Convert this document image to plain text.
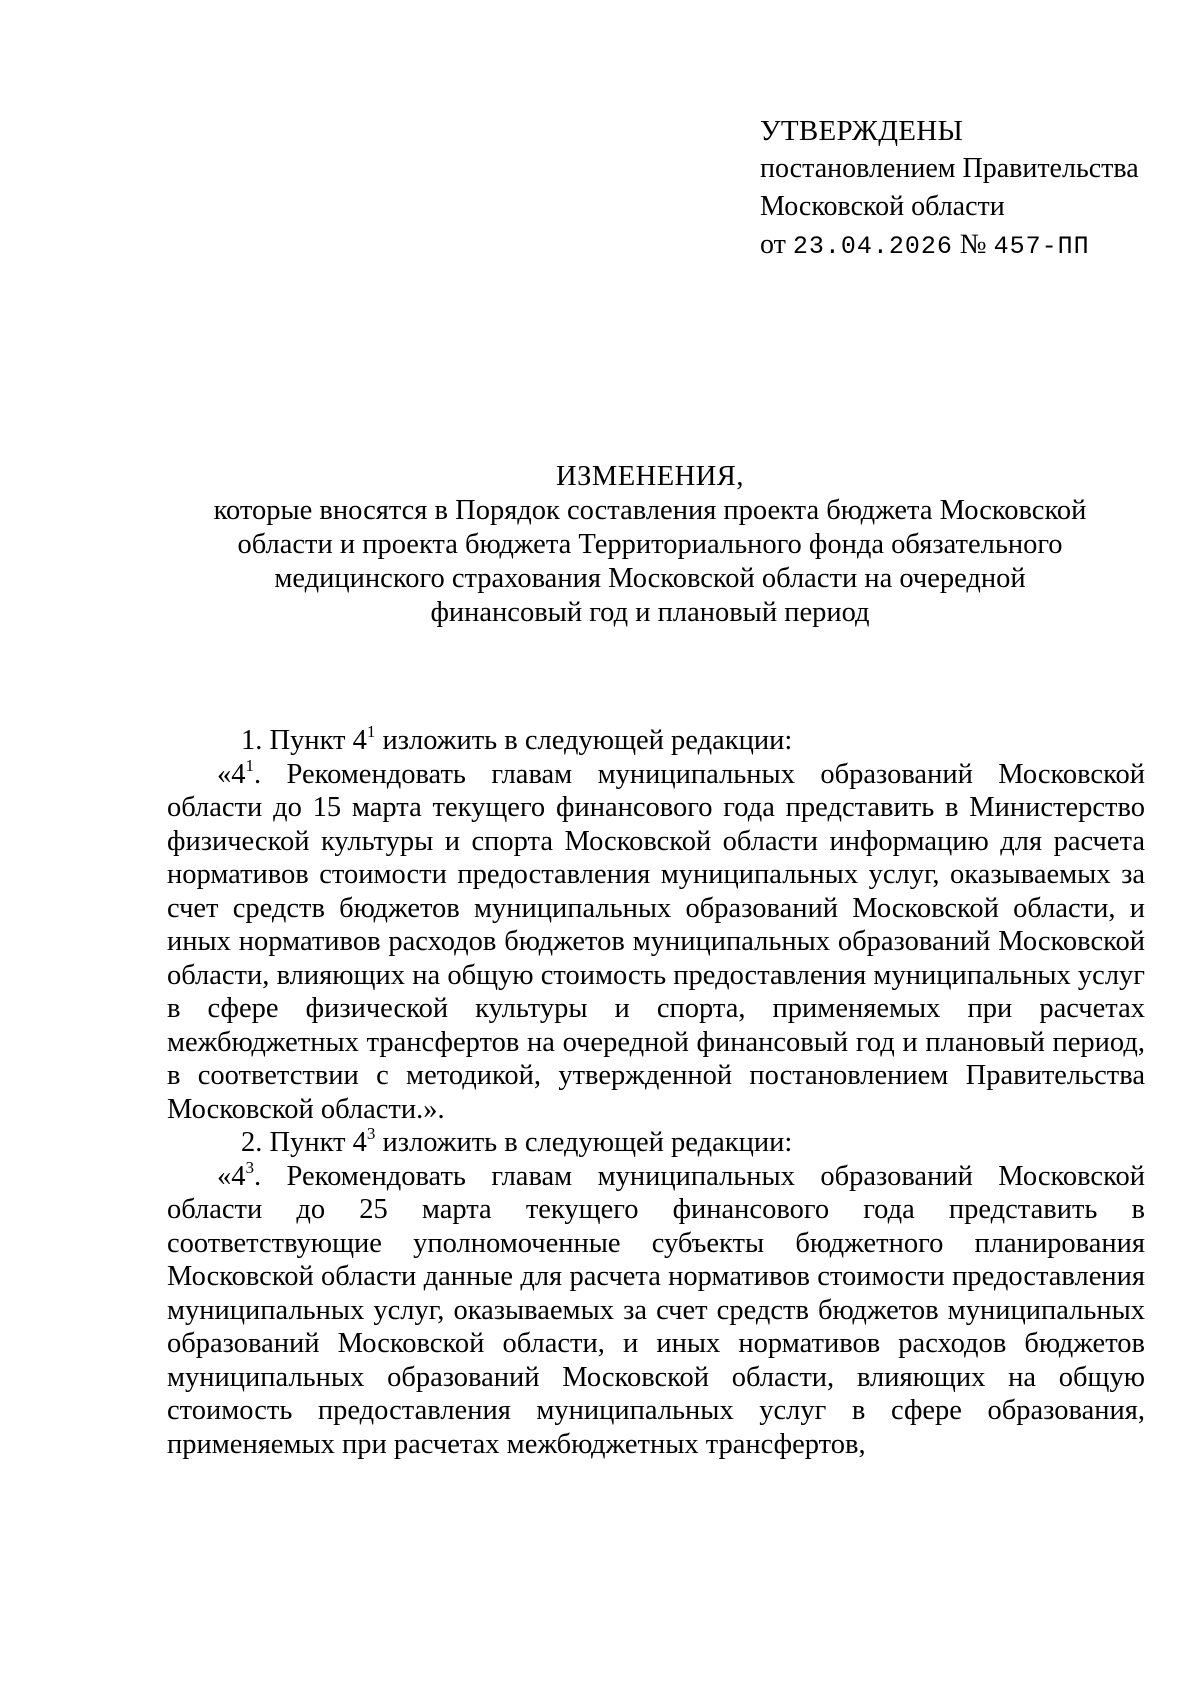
УТВЕРЖДЕНЫ
постановлением Правительства
Московской области
от 23.04.2026 № 457-ПП
ИЗМЕНЕНИЯ,
которые вносятся в Порядок составления проекта бюджета Московской
области и проекта бюджета Территориального фонда обязательного
медицинского страхования Московской области на очередной
финансовый год и плановый период

1. Пункт $4^1$ изложить в следующей редакции:

«$4^1$. Рекомендовать главам муниципальных образований Московской области до 15 марта текущего финансового года представить в Министерство физической культуры и спорта Московской области информацию для расчета нормативов стоимости предоставления муниципальных услуг, оказываемых за счет средств бюджетов муниципальных образований Московской области, и иных нормативов расходов бюджетов муниципальных образований Московской области, влияющих на общую стоимость предоставления муниципальных услуг в сфере физической культуры и спорта, применяемых при расчетах межбюджетных трансфертов на очередной финансовый год и плановый период, в соответствии с методикой, утвержденной постановлением Правительства Московской области.».

2. Пункт $4^3$ изложить в следующей редакции:

«$4^3$. Рекомендовать главам муниципальных образований Московской области до 25 марта текущего финансового года представить в соответствующие уполномоченные субъекты бюджетного планирования Московской области данные для расчета нормативов стоимости предоставления муниципальных услуг, оказываемых за счет средств бюджетов муниципальных образований Московской области, и иных нормативов расходов бюджетов муниципальных образований Московской области, влияющих на общую стоимость предоставления муниципальных услуг в сфере образования, применяемых при расчетах межбюджетных трансфертов,
